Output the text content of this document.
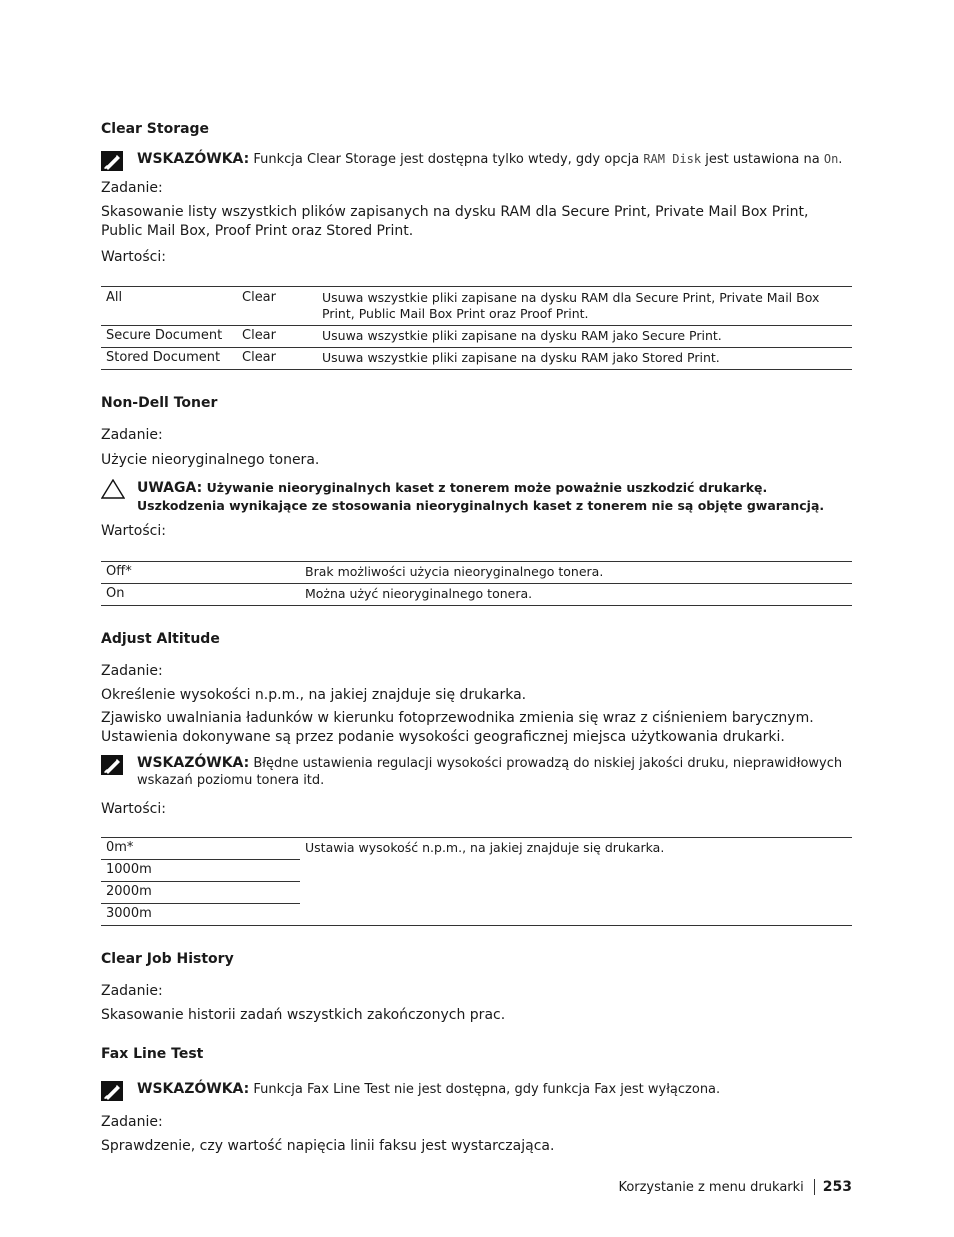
Clear Storage
WSKAZÓWKA: Funkcja Clear Storage jest dostępna tylko wtedy, gdy opcja RAM Disk jest ustawiona na On.
Zadanie:
Skasowanie listy wszystkich plików zapisanych na dysku RAM dla Secure Print, Private Mail Box Print, Public Mail Box, Proof Print oraz Stored Print.
Wartości:
All	Clear	Usuwa wszystkie pliki zapisane na dysku RAM dla Secure Print, Private Mail Box Print, Public Mail Box Print oraz Proof Print.
Secure Document	Clear	Usuwa wszystkie pliki zapisane na dysku RAM jako Secure Print.
Stored Document	Clear	Usuwa wszystkie pliki zapisane na dysku RAM jako Stored Print.
Non-Dell Toner
Zadanie:
Użycie nieoryginalnego tonera.
UWAGA: Używanie nieoryginalnych kaset z tonerem może poważnie uszkodzić drukarkę. Uszkodzenia wynikające ze stosowania nieoryginalnych kaset z tonerem nie są objęte gwarancją.
Wartości:
Off*	Brak możliwości użycia nieoryginalnego tonera.
On	Można użyć nieoryginalnego tonera.
Adjust Altitude
Zadanie:
Określenie wysokości n.p.m., na jakiej znajduje się drukarka.
Zjawisko uwalniania ładunków w kierunku fotoprzewodnika zmienia się wraz z ciśnieniem barycznym. Ustawienia dokonywane są przez podanie wysokości geograficznej miejsca użytkowania drukarki.
WSKAZÓWKA: Błędne ustawienia regulacji wysokości prowadzą do niskiej jakości druku, nieprawidłowych wskazań poziomu tonera itd.
Wartości:
0m*	Ustawia wysokość n.p.m., na jakiej znajduje się drukarka.
1000m
2000m
3000m
Clear Job History
Zadanie:
Skasowanie historii zadań wszystkich zakończonych prac.
Fax Line Test
WSKAZÓWKA: Funkcja Fax Line Test nie jest dostępna, gdy funkcja Fax jest wyłączona.
Zadanie:
Sprawdzenie, czy wartość napięcia linii faksu jest wystarczająca.
Korzystanie z menu drukarki 253
